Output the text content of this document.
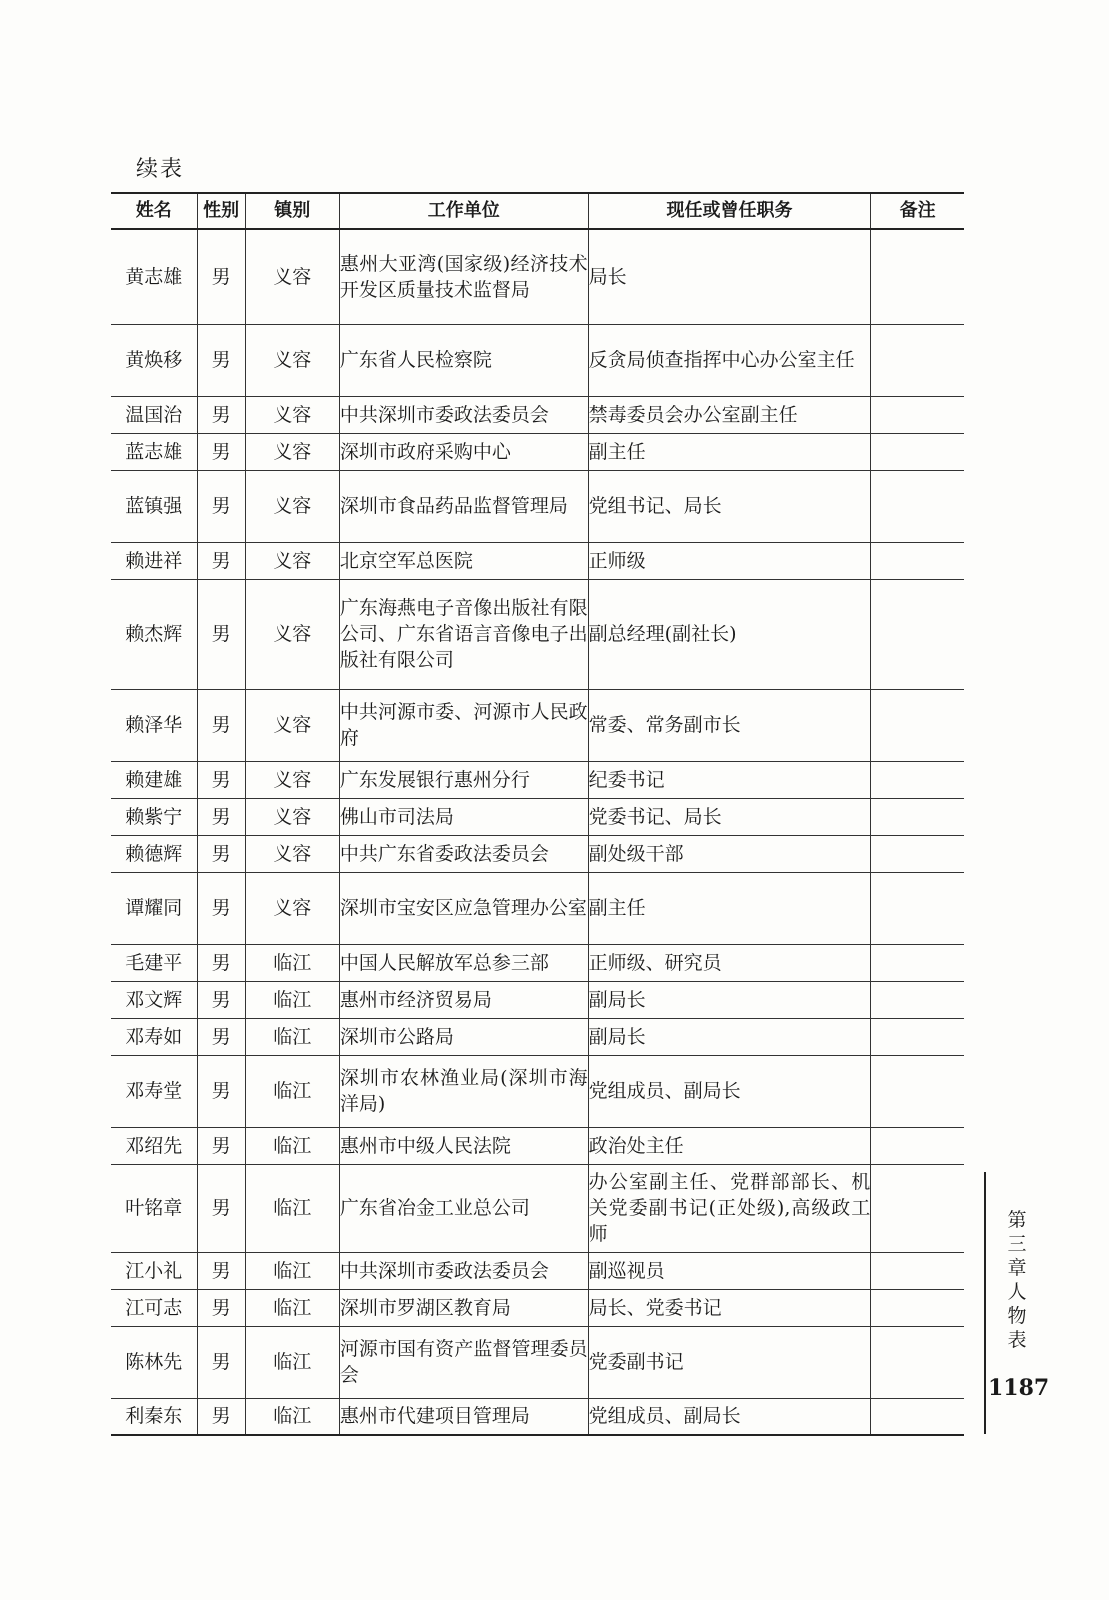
续表
姓名	性别	镇别	工作单位	现任或曾任职务	备注
黄志雄	男	义容	惠州大亚湾(国家级)经济技术开发区质量技术监督局	局长	
黄焕移	男	义容	广东省人民检察院	反贪局侦查指挥中心办公室主任	
温国治	男	义容	中共深圳市委政法委员会	禁毒委员会办公室副主任	
蓝志雄	男	义容	深圳市政府采购中心	副主任	
蓝镇强	男	义容	深圳市食品药品监督管理局	党组书记、局长	
赖进祥	男	义容	北京空军总医院	正师级	
赖杰辉	男	义容	广东海燕电子音像出版社有限公司、广东省语言音像电子出版社有限公司	副总经理(副社长)	
赖泽华	男	义容	中共河源市委、河源市人民政府	常委、常务副市长	
赖建雄	男	义容	广东发展银行惠州分行	纪委书记	
赖紫宁	男	义容	佛山市司法局	党委书记、局长	
赖德辉	男	义容	中共广东省委政法委员会	副处级干部	
谭耀同	男	义容	深圳市宝安区应急管理办公室	副主任	
毛建平	男	临江	中国人民解放军总参三部	正师级、研究员	
邓文辉	男	临江	惠州市经济贸易局	副局长	
邓寿如	男	临江	深圳市公路局	副局长	
邓寿堂	男	临江	深圳市农林渔业局(深圳市海洋局)	党组成员、副局长	
邓绍先	男	临江	惠州市中级人民法院	政治处主任	
叶铭章	男	临江	广东省冶金工业总公司	办公室副主任、党群部部长、机关党委副书记(正处级),高级政工师	
江小礼	男	临江	中共深圳市委政法委员会	副巡视员	
江可志	男	临江	深圳市罗湖区教育局	局长、党委书记	
陈林先	男	临江	河源市国有资产监督管理委员会	党委副书记	
利秦东	男	临江	惠州市代建项目管理局	党组成员、副局长	
第三章　人物表
1187
